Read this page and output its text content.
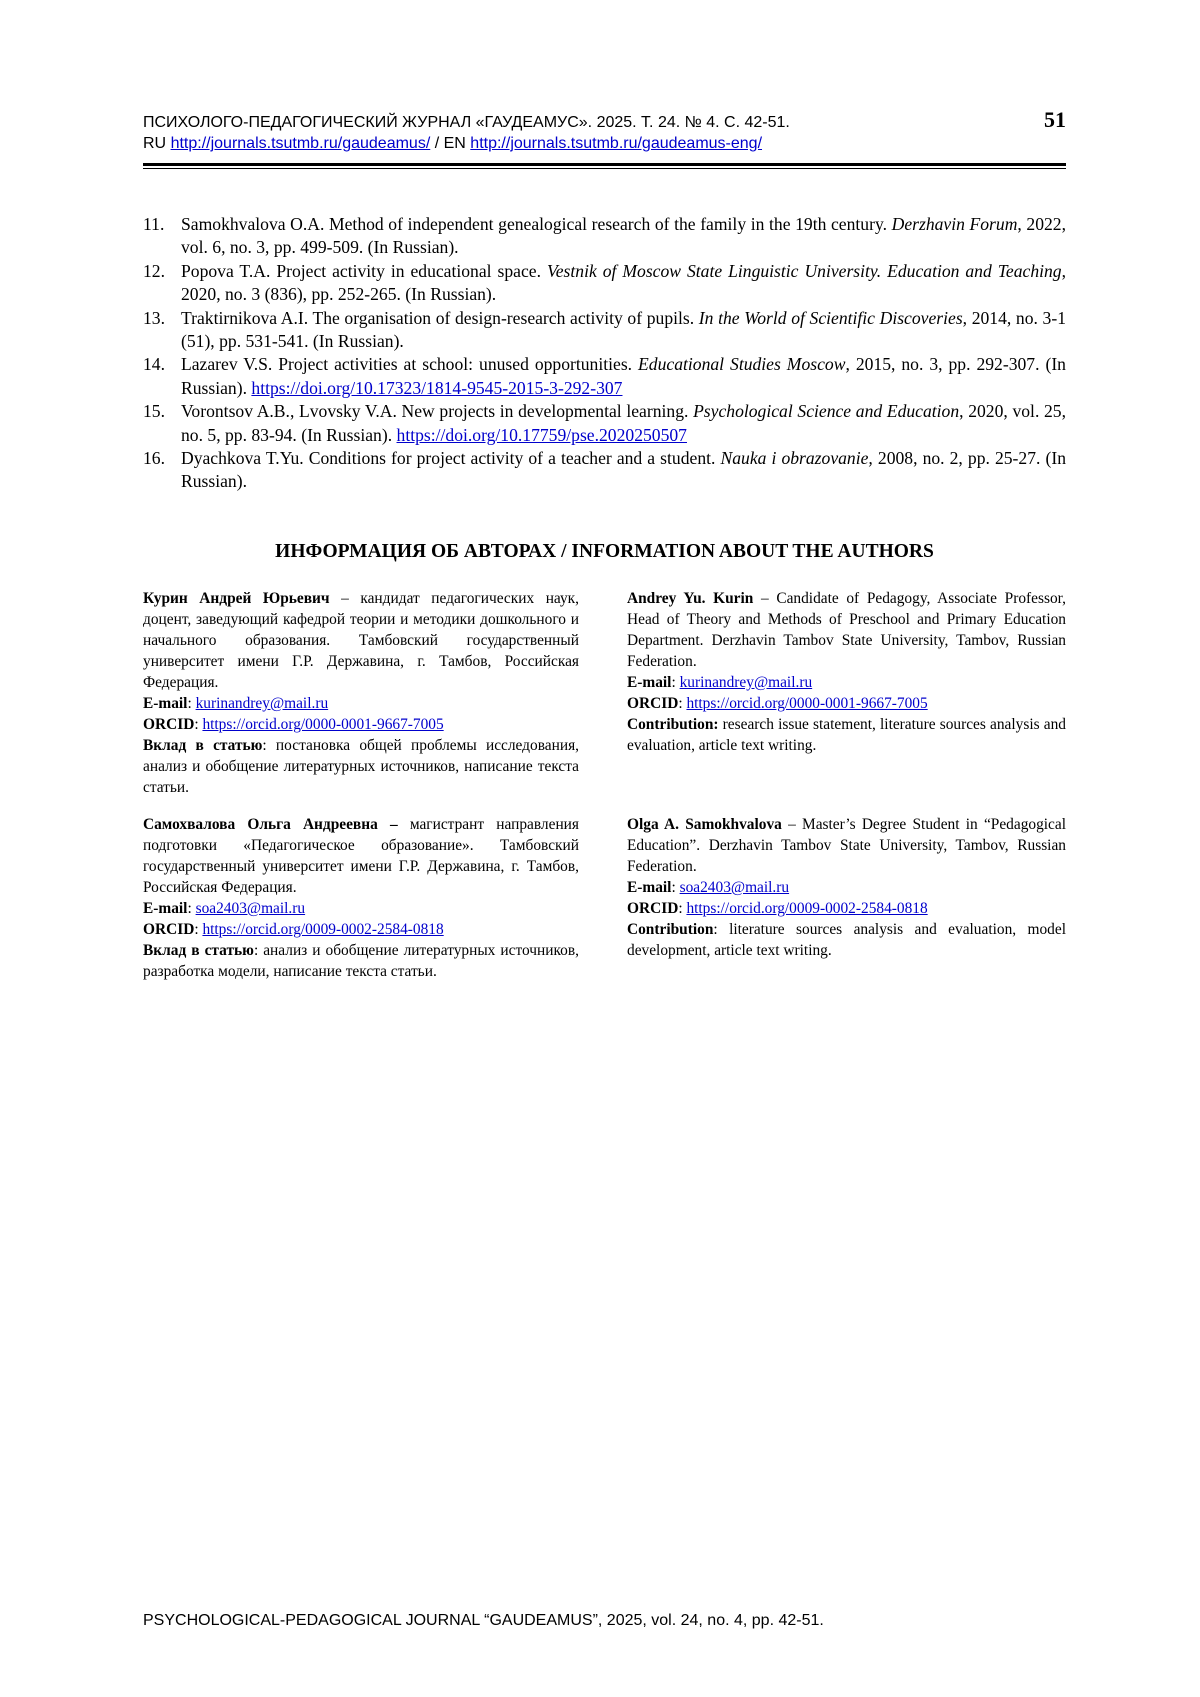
ПСИХОЛОГО-ПЕДАГОГИЧЕСКИЙ ЖУРНАЛ «ГАУДЕАМУС». 2025. Т. 24. № 4. С. 42-51.
RU http://journals.tsutmb.ru/gaudeamus/ / EN http://journals.tsutmb.ru/gaudeamus-eng/
51
11. Samokhvalova O.A. Method of independent genealogical research of the family in the 19th century. Derzhavin Forum, 2022, vol. 6, no. 3, pp. 499-509. (In Russian).
12. Popova T.A. Project activity in educational space. Vestnik of Moscow State Linguistic University. Education and Teaching, 2020, no. 3 (836), pp. 252-265. (In Russian).
13. Traktirnikova A.I. The organisation of design-research activity of pupils. In the World of Scientific Discoveries, 2014, no. 3-1 (51), pp. 531-541. (In Russian).
14. Lazarev V.S. Project activities at school: unused opportunities. Educational Studies Moscow, 2015, no. 3, pp. 292-307. (In Russian). https://doi.org/10.17323/1814-9545-2015-3-292-307
15. Vorontsov A.B., Lvovsky V.A. New projects in developmental learning. Psychological Science and Education, 2020, vol. 25, no. 5, pp. 83-94. (In Russian). https://doi.org/10.17759/pse.2020250507
16. Dyachkova T.Yu. Conditions for project activity of a teacher and a student. Nauka i obrazovanie, 2008, no. 2, pp. 25-27. (In Russian).
ИНФОРМАЦИЯ ОБ АВТОРАХ / INFORMATION ABOUT THE AUTHORS
Курин Андрей Юрьевич – кандидат педагогических наук, доцент, заведующий кафедрой теории и методики дошкольного и начального образования. Тамбовский государственный университет имени Г.Р. Державина, г. Тамбов, Российская Федерация.
E-mail: kurinandrey@mail.ru
ORCID: https://orcid.org/0000-0001-9667-7005
Вклад в статью: постановка общей проблемы исследования, анализ и обобщение литературных источников, написание текста статьи.
Andrey Yu. Kurin – Candidate of Pedagogy, Associate Professor, Head of Theory and Methods of Preschool and Primary Education Department. Derzhavin Tambov State University, Tambov, Russian Federation.
E-mail: kurinandrey@mail.ru
ORCID: https://orcid.org/0000-0001-9667-7005
Contribution: research issue statement, literature sources analysis and evaluation, article text writing.
Самохвалова Ольга Андреевна – магистрант направления подготовки «Педагогическое образование». Тамбовский государственный университет имени Г.Р. Державина, г. Тамбов, Российская Федерация.
E-mail: soa2403@mail.ru
ORCID: https://orcid.org/0009-0002-2584-0818
Вклад в статью: анализ и обобщение литературных источников, разработка модели, написание текста статьи.
Olga A. Samokhvalova – Master’s Degree Student in “Pedagogical Education”. Derzhavin Tambov State University, Tambov, Russian Federation.
E-mail: soa2403@mail.ru
ORCID: https://orcid.org/0009-0002-2584-0818
Contribution: literature sources analysis and evaluation, model development, article text writing.
PSYCHOLOGICAL-PEDAGOGICAL JOURNAL “GAUDEAMUS”, 2025, vol. 24, no. 4, pp. 42-51.
